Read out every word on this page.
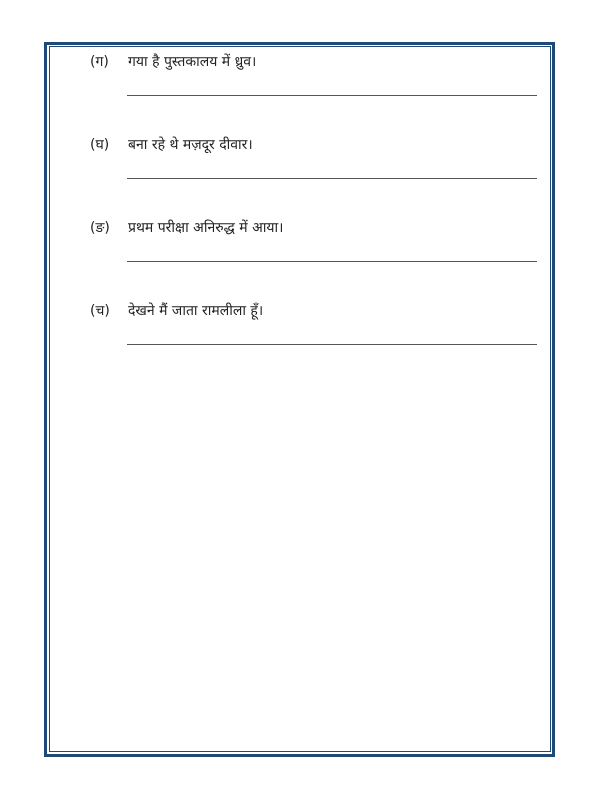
(ग) गया है पुस्तकालय में ध्रुव।
(घ) बना रहे थे मज़दूर दीवार।
(ङ) प्रथम परीक्षा अनिरुद्ध में आया।
(च) देखने मैं जाता रामलीला हूँ।
